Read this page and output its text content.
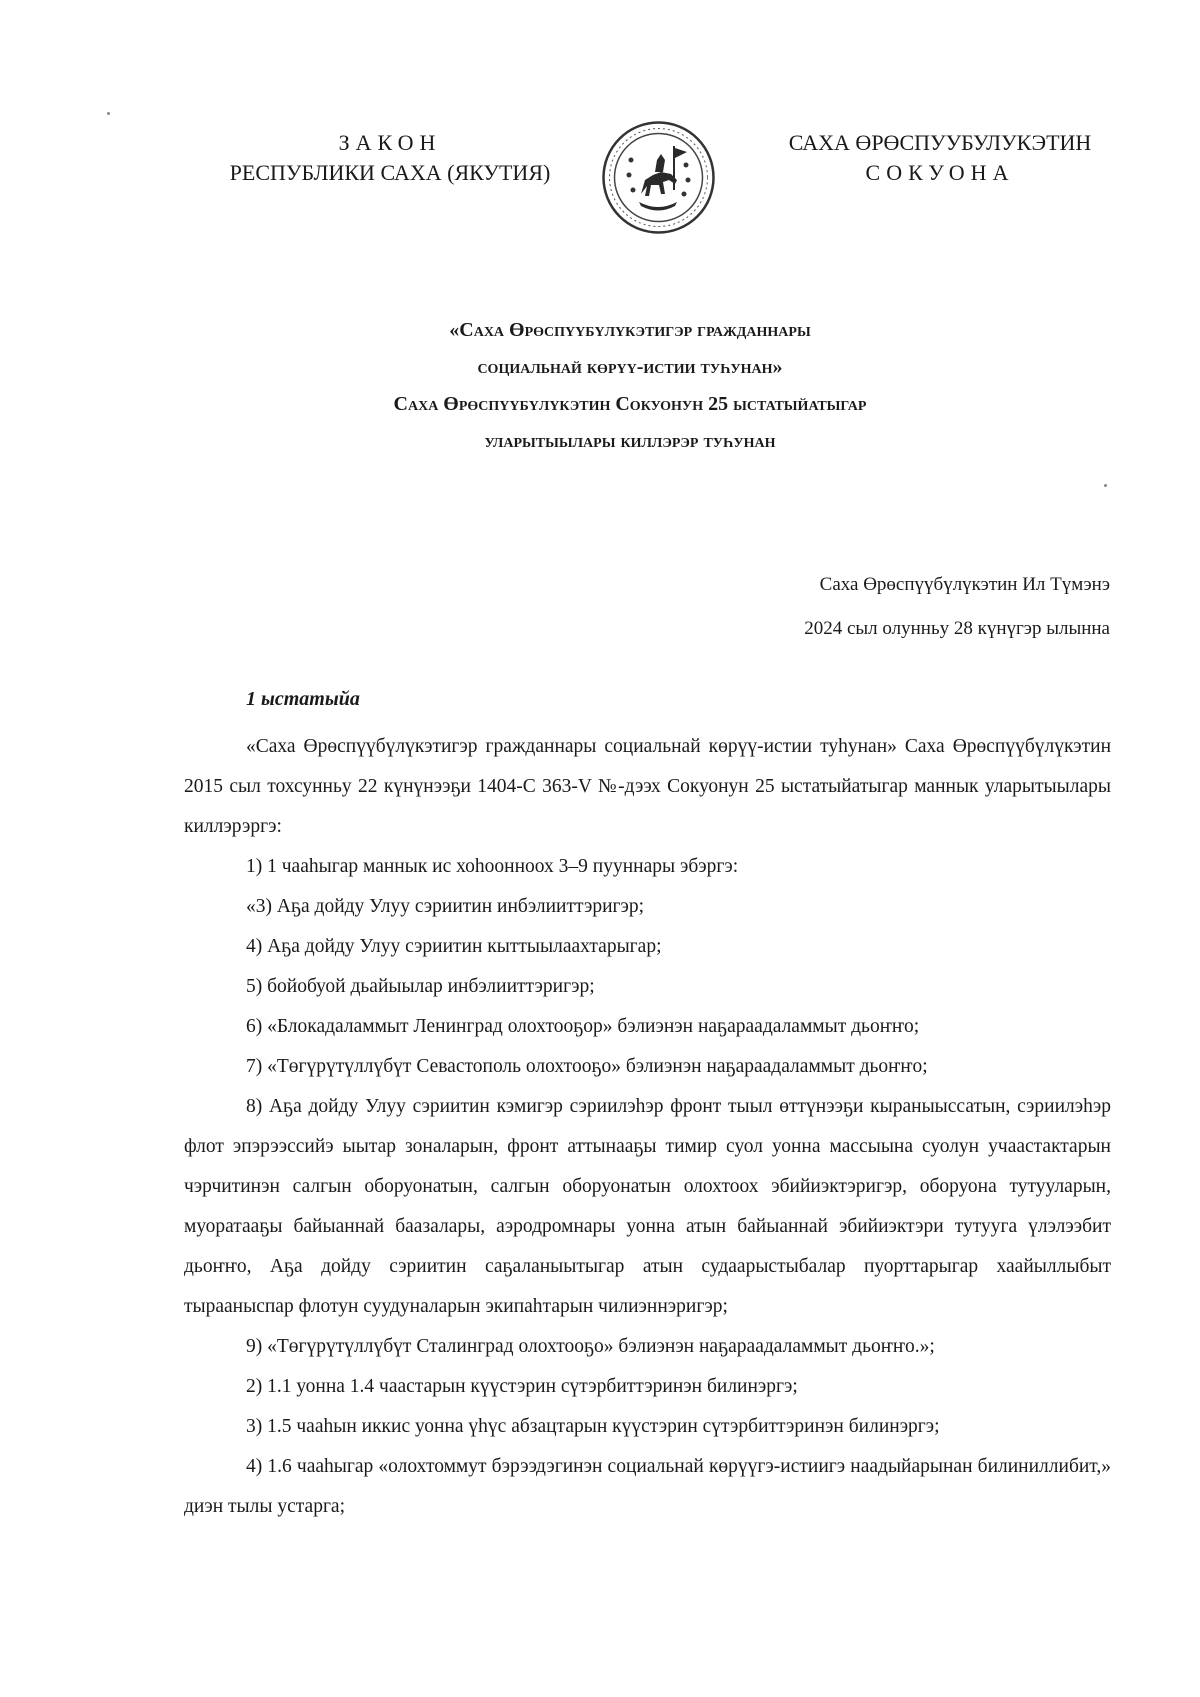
ЗАКОН
РЕСПУБЛИКИ САХА (ЯКУТИЯ)
САХА ӨРӨСПУУБУЛУКЭТИН
СОКУОНА
«Саха Өрөспүүбүлүкэтигэр гражданнары
социальнай көрүү-истии туһунан»
Саха Өрөспүүбүлүкэтин Сокуонун 25 ыстатыйатыгар
уларытыылары киллэрэр туһунан
Саха Өрөспүүбүлүкэтин Ил Түмэнэ
2024 сыл олунньу 28 күнүгэр ылынна
1 ыстатыйа

«Саха Өрөспүүбүлүкэтигэр гражданнары социальнай көрүү-истии туһунан» Саха Өрөспүүбүлүкэтин 2015 сыл тохсунньу 22 күнүнээҕи 1404-С 363-V №-дээх Сокуонун 25 ыстатыйатыгар маннык уларытыылары киллэрэргэ:

1) 1 чааһыгар маннык ис хоһоонноох 3–9 пууннары эбэргэ:

«3) Аҕа дойду Улуу сэриитин инбэлииттэригэр;

4) Аҕа дойду Улуу сэриитин кыттыылаахтарыгар;

5) бойобуой дьайыылар инбэлииттэригэр;

6) «Блокадаламмыт Ленинград олохтооҕор» бэлиэнэн наҕараадаламмыт дьоҥҥо;

7) «Төгүрүтүллүбүт Севастополь олохтооҕо» бэлиэнэн наҕараадаламмыт дьоҥҥо;

8) Аҕа дойду Улуу сэриитин кэмигэр сэриилэһэр фронт тыыл өттүнээҕи кыраныыссатын, сэриилэһэр флот эпэрээссийэ ыытар зоналарын, фронт аттынааҕы тимир суол уонна массыына суолун учаастактарын чэрчитинэн салгын оборуонатын, салгын оборуонатын олохтоох эбийиэктэригэр, оборуона тутууларын, муоратааҕы байыаннай баазалары, аэродромнары уонна атын байыаннай эбийиэктэри тутууга үлэлээбит дьоҥҥо, Аҕа дойду сэриитин саҕаланыытыгар атын судаарыстыбалар пуорттарыгар хаайыллыбыт тырааныспар флотун суудуналарын экипаһтарын чилиэннэригэр;

9) «Төгүрүтүллүбүт Сталинград олохтооҕо» бэлиэнэн наҕараадаламмыт дьоҥҥо.»;

2) 1.1 уонна 1.4 чаастарын күүстэрин сүтэрбиттэринэн билинэргэ;

3) 1.5 чааһын иккис уонна үһүс абзацтарын күүстэрин сүтэрбиттэринэн билинэргэ;

4) 1.6 чааһыгар «олохтоммут бэрээдэгинэн социальнай көрүүгэ-истиигэ наадыйарынан билиниллибит,» диэн тылы устарга;
